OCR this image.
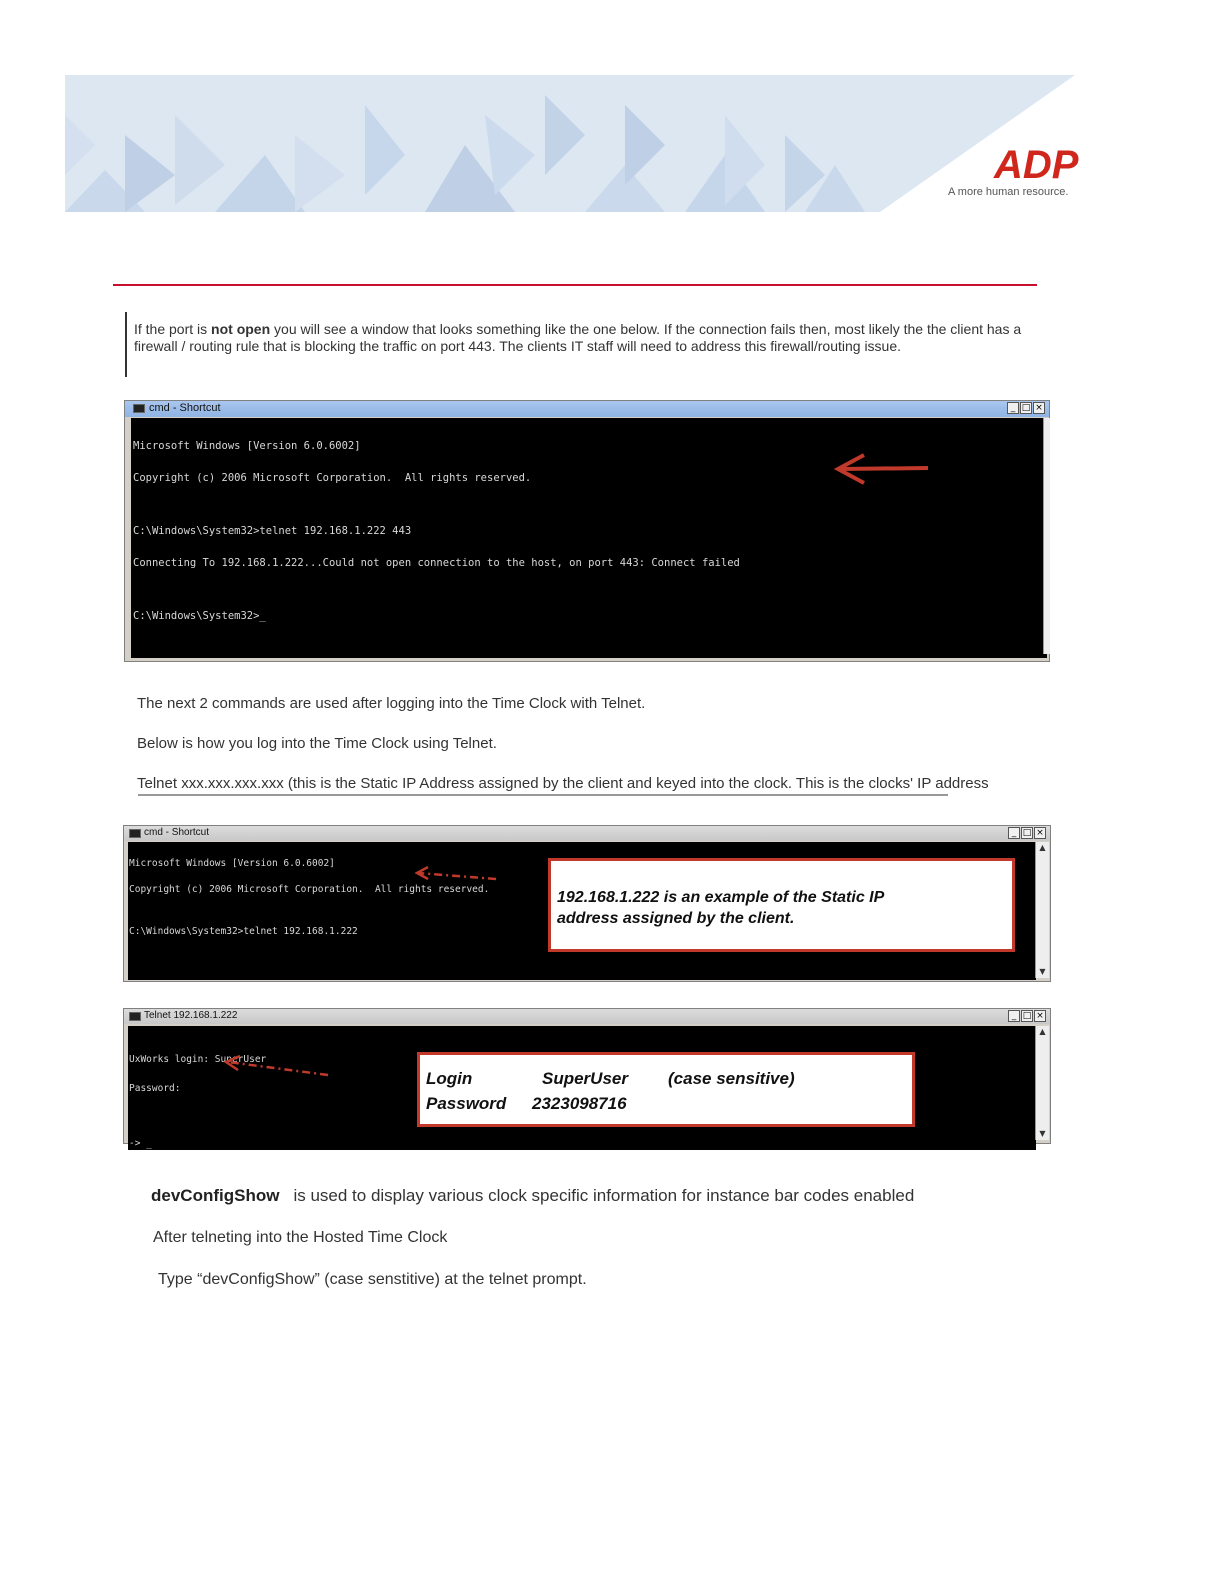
ADP
A more human resource.
If the port is not open you will see a window that looks something like the one below. If the connection fails then, most likely the the client has a firewall / routing rule that is blocking the traffic on port 443. The clients IT staff will need to address this firewall/routing issue.
cmd - Shortcut	_ □ ×

Microsoft Windows [Version 6.0.6002]

Copyright (c) 2006 Microsoft Corporation.  All rights reserved.

C:\Windows\System32>telnet 192.168.1.222 443

Connecting To 192.168.1.222...Could not open connection to the host, on port 443: Connect failed

C:\Windows\System32>_

The next 2 commands are used after logging into the Time Clock with Telnet.
Below is how you log into the Time Clock using Telnet.
Telnet xxx.xxx.xxx.xxx (this is the Static IP Address assigned by the client and keyed into the clock. This is the clocks' IP address
cmd - Shortcut	_ □ ×

Microsoft Windows [Version 6.0.6002]

Copyright (c) 2006 Microsoft Corporation.  All rights reserved.

C:\Windows\System32>telnet 192.168.1.222

▲
▼
192.168.1.222 is an example of the Static IP
address assigned by the client.
Telnet 192.168.1.222	_ □ ×

UxWorks login: SuperUser

Password:

-> _

▲
▼
Login	SuperUser (case sensitive)
Password 2323098716
devConfigShow is used to display various clock specific information for instance bar codes enabled
After telneting into the Hosted Time Clock
Type “devConfigShow” (case senstitive) at the telnet prompt.
